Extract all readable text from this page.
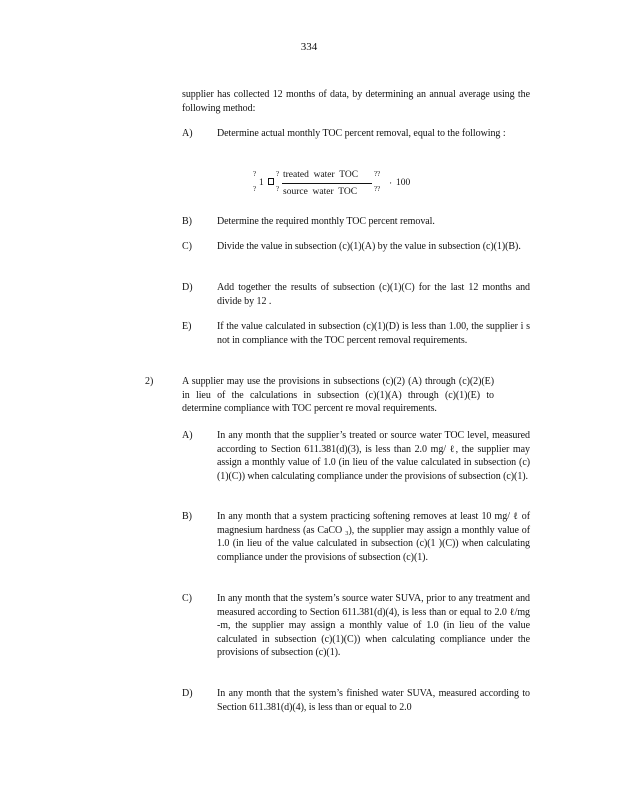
334
supplier has collected 12 months of data, by determining an annual average using the following method:
A) Determine actual monthly TOC percent removal, equal to the following :
?
?
1
?
?
treated  water  TOC
source  water  TOC
??
?? · 100
B)	Determine the required monthly TOC percent removal.
C)	Divide the value in subsection (c)(1)(A) by the value in subsection (c)(1)(B).
D) Add together the results of subsection (c)(1)(C) for the last 12 months and divide by 12 .
E)	If the value calculated in subsection (c)(1)(D) is less than 1.00, the supplier i s not in compliance with the TOC percent removal requirements.
2)	A supplier may use the provisions in subsections (c)(2) (A) through (c)(2)(E) in lieu of the calculations in subsection (c)(1)(A) through (c)(1)(E) to determine compliance with TOC percent re moval requirements.
A) In any month that the supplier’s treated or source water TOC level, measured according to Section 611.381(d)(3), is less than 2.0 mg/ ℓ, the supplier may assign a monthly value of 1.0 (in lieu of the value calculated in subsection (c)(1)(C)) when calculating compliance under the provisions of subsection (c)(1).
B)	In any month that a system practicing softening removes at least 10 mg/ ℓ of magnesium hardness (as CaCO ₃), the supplier may assign a monthly value of 1.0 (in lieu of the value calculated in subsection (c)(1 )(C)) when calculating compliance under the provisions of subsection (c)(1).
C)	In any month that the system’s source water SUVA, prior to any treatment and measured according to Section 611.381(d)(4), is less than or equal to 2.0 ℓ/mg -m, the supplier may assign a monthly value of 1.0 (in lieu of the value calculated in subsection (c)(1)(C)) when calculating compliance under the provisions of subsection (c)(1).
D) In any month that the system’s finished water SUVA, measured according to Section 611.381(d)(4), is less than or equal to 2.0
